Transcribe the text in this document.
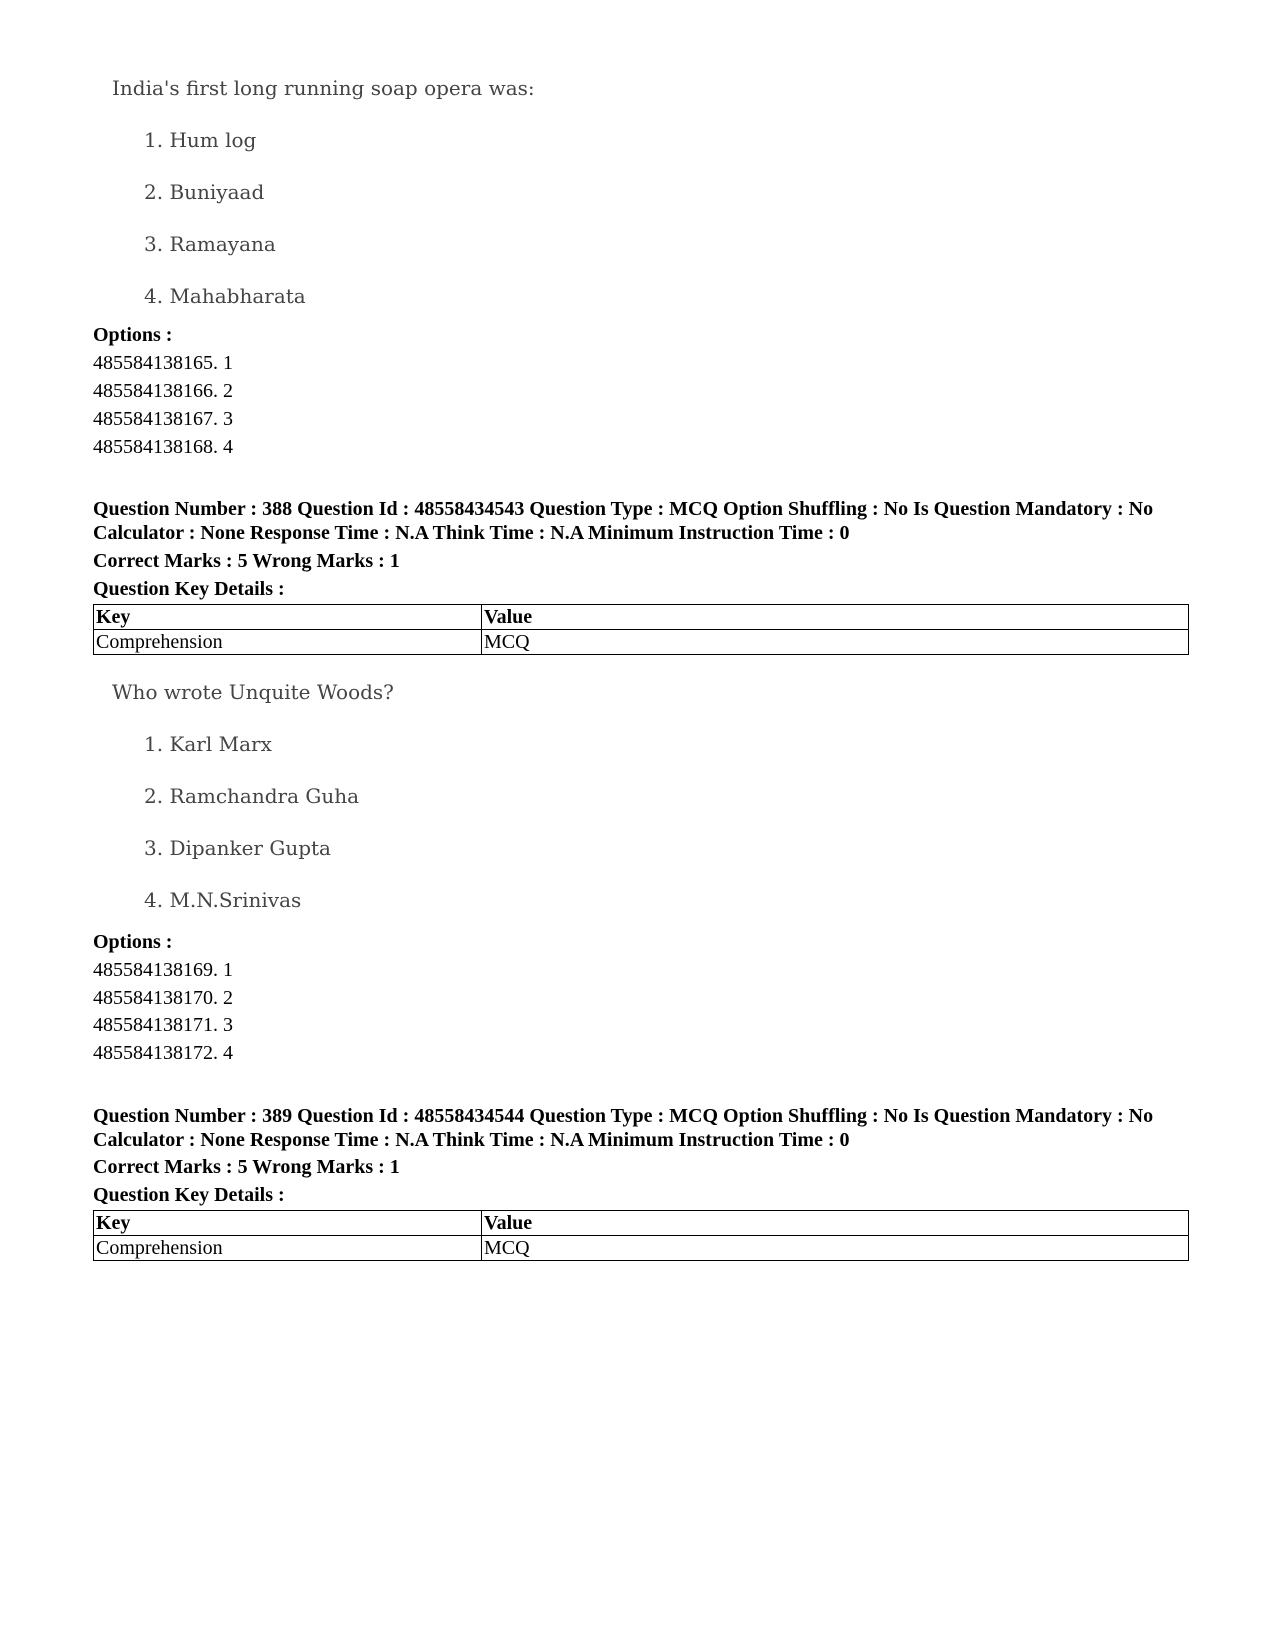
India's first long running soap opera was:
1. Hum log
2. Buniyaad
3. Ramayana
4. Mahabharata
Options :
485584138165. 1
485584138166. 2
485584138167. 3
485584138168. 4
Question Number : 388 Question Id : 48558434543 Question Type : MCQ Option Shuffling : No Is Question Mandatory : No Calculator : None Response Time : N.A Think Time : N.A Minimum Instruction Time : 0
Correct Marks : 5 Wrong Marks : 1
Question Key Details :
Key	Value
Comprehension	MCQ
Who wrote Unquite Woods?
1. Karl Marx
2. Ramchandra Guha
3. Dipanker Gupta
4. M.N.Srinivas
Options :
485584138169. 1
485584138170. 2
485584138171. 3
485584138172. 4
Question Number : 389 Question Id : 48558434544 Question Type : MCQ Option Shuffling : No Is Question Mandatory : No Calculator : None Response Time : N.A Think Time : N.A Minimum Instruction Time : 0
Correct Marks : 5 Wrong Marks : 1
Question Key Details :
Key	Value
Comprehension	MCQ
